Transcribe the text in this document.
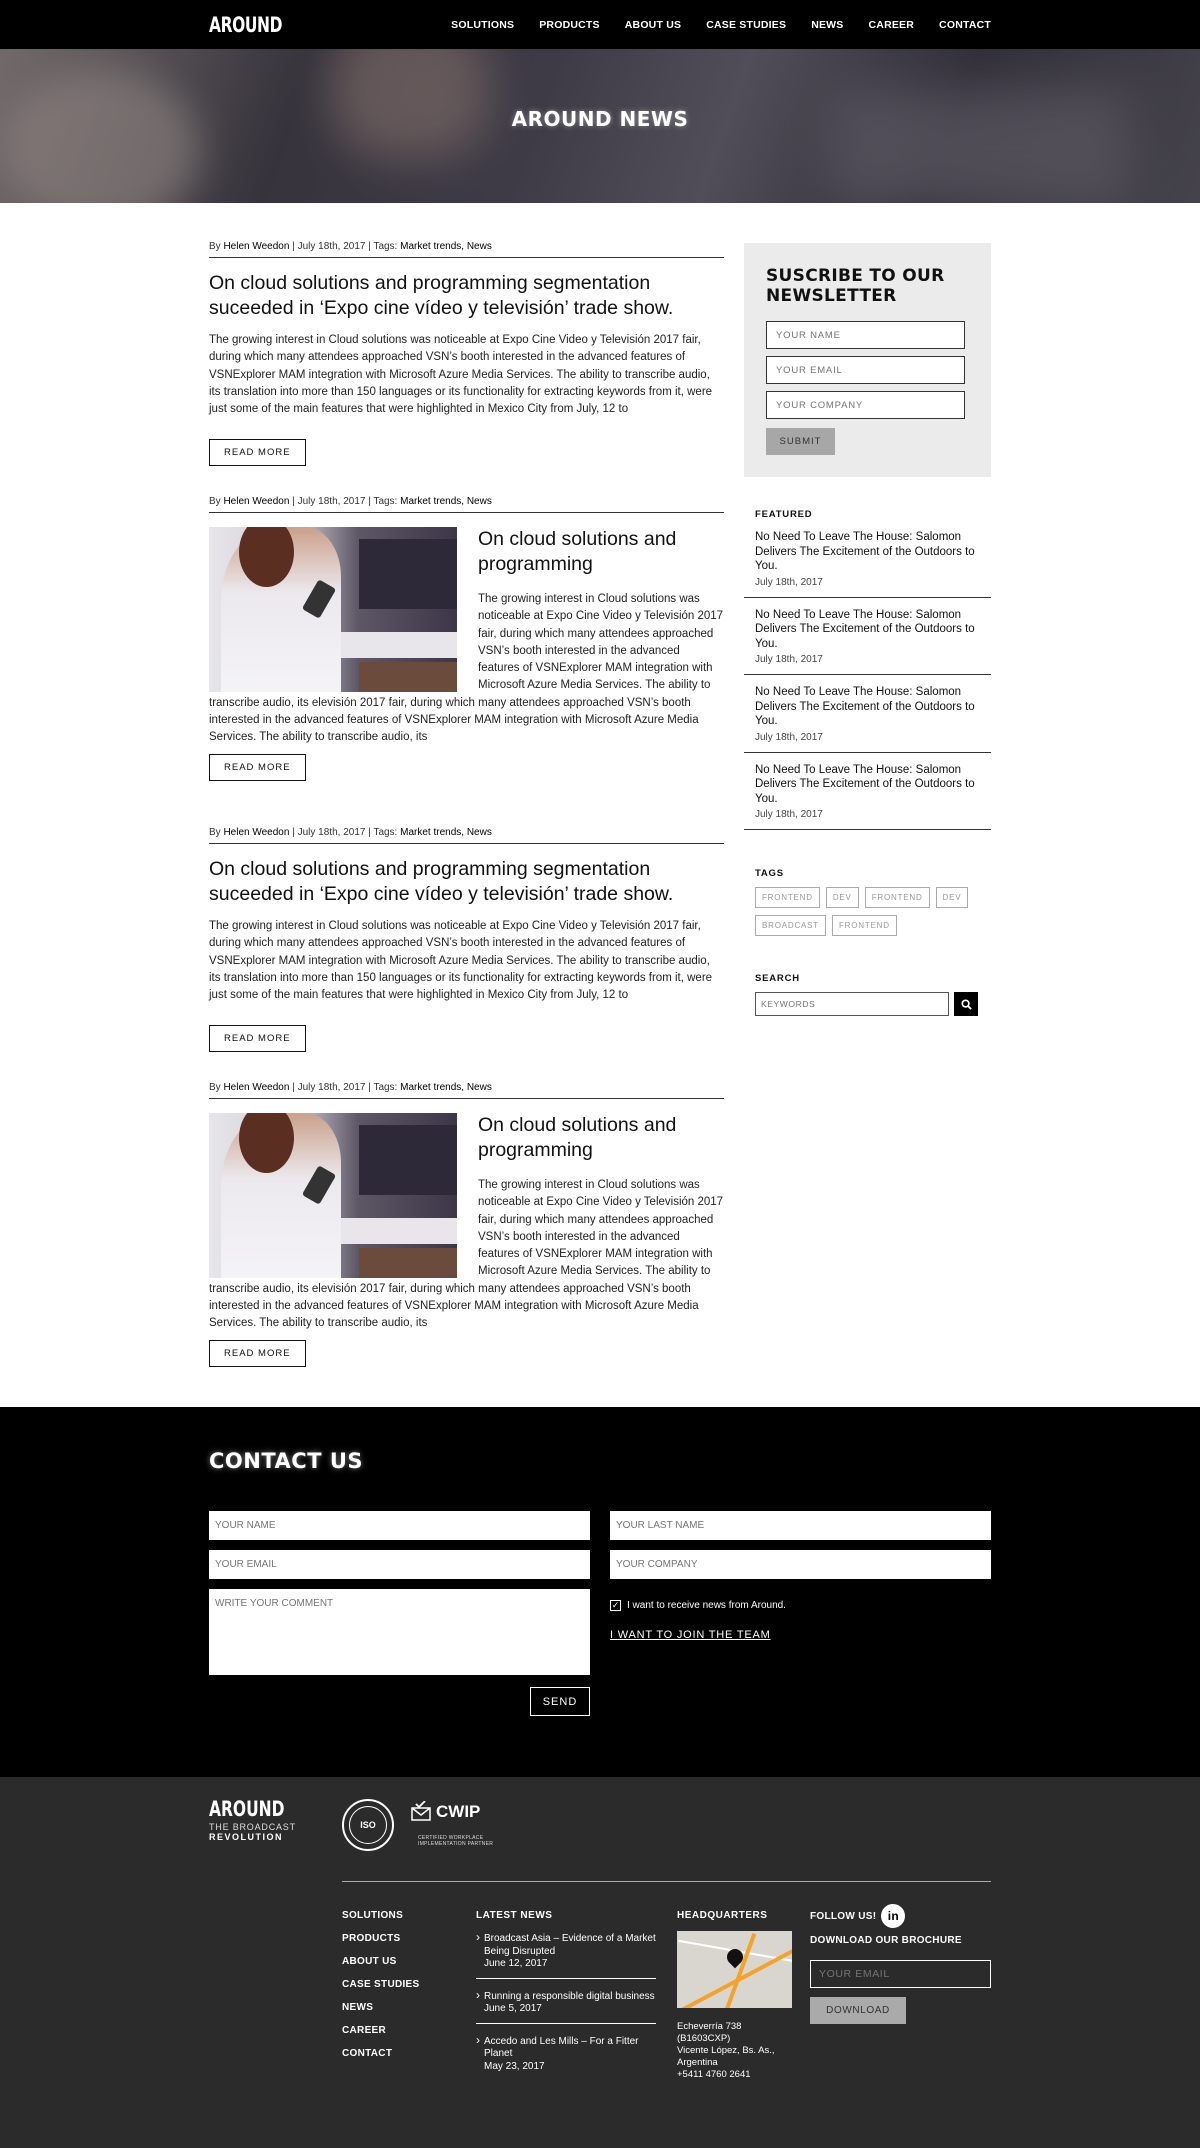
AROUND	SOLUTIONS PRODUCTS ABOUT US CASE STUDIES NEWS CAREER CONTACT
AROUND NEWS
By Helen Weedon | July 18th, 2017 | Tags: Market trends, News
On cloud solutions and programming segmentation suceeded in ‘Expo cine vídeo y televisión’ trade show.
The growing interest in Cloud solutions was noticeable at Expo Cine Video y Televisión 2017 fair, during which many attendees approached VSN’s booth interested in the advanced features of VSNExplorer MAM integration with Microsoft Azure Media Services. The ability to transcribe audio, its translation into more than 150 languages or its functionality for extracting keywords from it, were just some of the main features that were highlighted in Mexico City from July, 12 to
READ MORE
By Helen Weedon | July 18th, 2017 | Tags: Market trends, News
On cloud solutions and programming
The growing interest in Cloud solutions was noticeable at Expo Cine Video y Televisión 2017 fair, during which many attendees approached VSN’s booth interested in the advanced features of VSNExplorer MAM integration with Microsoft Azure Media Services. The ability to transcribe audio, its elevisión 2017 fair, during which many attendees approached VSN’s booth interested in the advanced features of VSNExplorer MAM integration with Microsoft Azure Media Services. The ability to transcribe audio, its
READ MORE
By Helen Weedon | July 18th, 2017 | Tags: Market trends, News
On cloud solutions and programming segmentation suceeded in ‘Expo cine vídeo y televisión’ trade show.
The growing interest in Cloud solutions was noticeable at Expo Cine Video y Televisión 2017 fair, during which many attendees approached VSN’s booth interested in the advanced features of VSNExplorer MAM integration with Microsoft Azure Media Services. The ability to transcribe audio, its translation into more than 150 languages or its functionality for extracting keywords from it, were just some of the main features that were highlighted in Mexico City from July, 12 to
READ MORE
By Helen Weedon | July 18th, 2017 | Tags: Market trends, News
On cloud solutions and programming
The growing interest in Cloud solutions was noticeable at Expo Cine Video y Televisión 2017 fair, during which many attendees approached VSN’s booth interested in the advanced features of VSNExplorer MAM integration with Microsoft Azure Media Services. The ability to transcribe audio, its elevisión 2017 fair, during which many attendees approached VSN’s booth interested in the advanced features of VSNExplorer MAM integration with Microsoft Azure Media Services. The ability to transcribe audio, its
READ MORE
SUSCRIBE TO OUR NEWSLETTER
YOUR NAME
YOUR EMAIL
YOUR COMPANY SUBMIT
FEATURED
No Need To Leave The House: Salomon Delivers The Excitement of the Outdoors to You.
July 18th, 2017
No Need To Leave The House: Salomon Delivers The Excitement of the Outdoors to You.
July 18th, 2017
No Need To Leave The House: Salomon Delivers The Excitement of the Outdoors to You.
July 18th, 2017
No Need To Leave The House: Salomon Delivers The Excitement of the Outdoors to You.
July 18th, 2017
TAGS
FRONTEND	DEV	FRONTEND	DEV
BROADCAST	FRONTEND
SEARCH
KEYWORDS
CONTACT US
YOUR NAME
YOUR LAST NAME
YOUR EMAIL
YOUR COMPANY
WRITE YOUR COMMENT
✓ I want to receive news from Around.
I WANT TO JOIN THE TEAM
SEND
AROUND
THE BROADCAST
REVOLUTION
ISO
CWIP
CERTIFIED WORKPLACE IMPLEMENTATION PARTNER
SOLUTIONS
PRODUCTS
ABOUT US
CASE STUDIES
NEWS
CAREER
CONTACT
LATEST NEWS
› Broadcast Asia – Evidence of a Market Being Disrupted
June 12, 2017
› Running a responsible digital business
June 5, 2017
› Accedo and Les Mills – For a Fitter Planet
May 23, 2017
HEADQUARTERS
Echeverría 738
(B1603CXP)
Vicente López, Bs. As.,
Argentina
+5411 4760 2641
FOLLOW US! in
DOWNLOAD OUR BROCHURE
YOUR EMAIL
DOWNLOAD
